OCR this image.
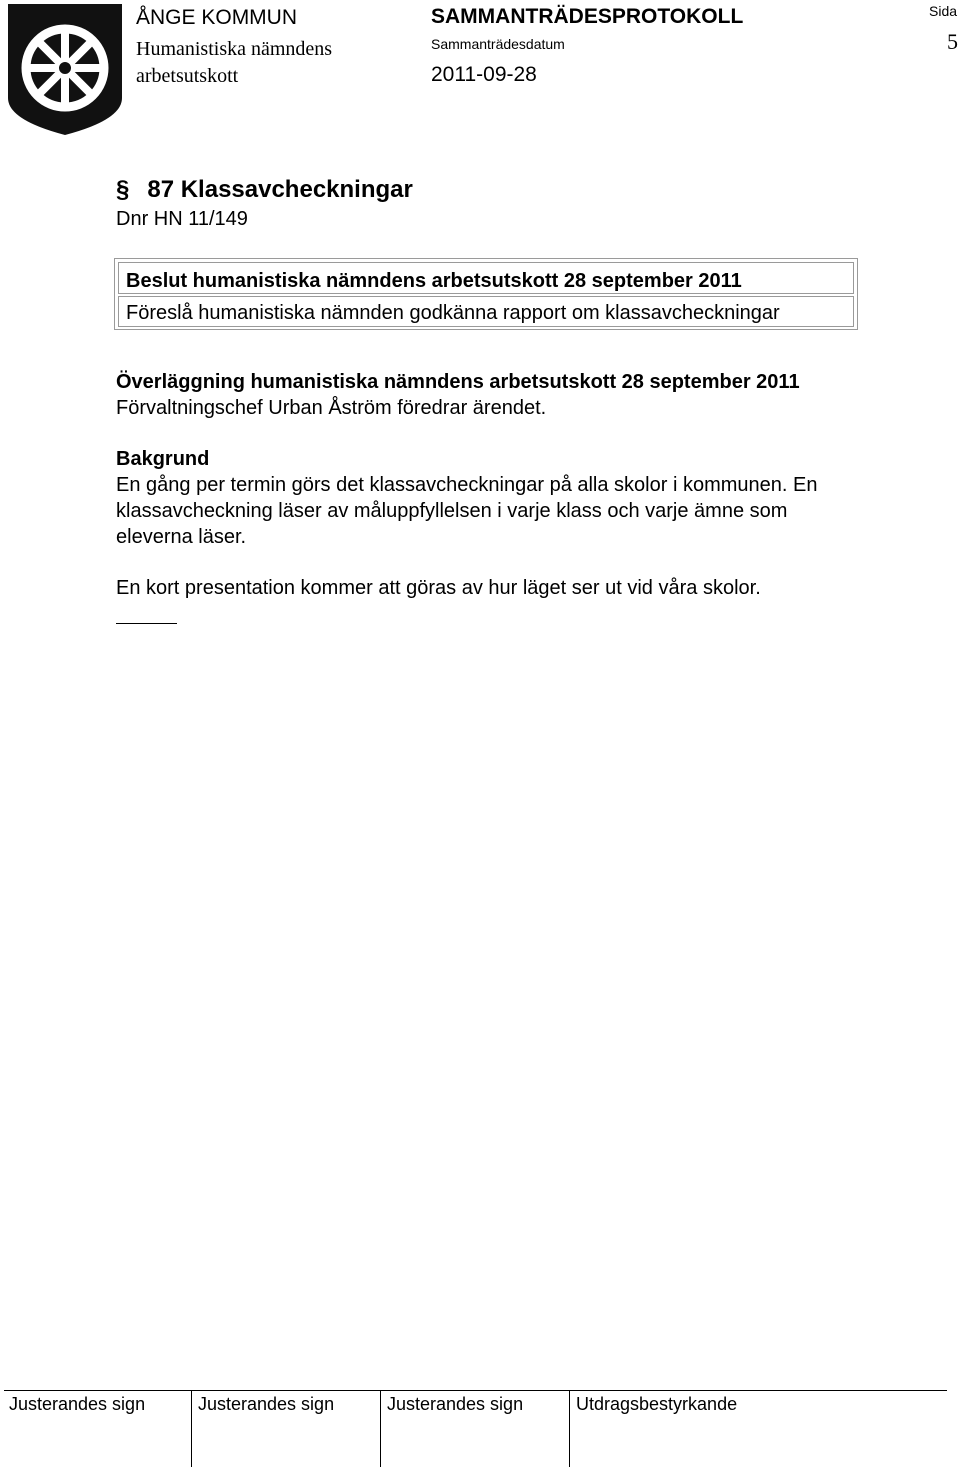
ÅNGE KOMMUN
Humanistiska nämndens
arbetsutskott
SAMMANTRÄDESPROTOKOLL
Sammanträdesdatum
2011-09-28
Sida
5
§ 87 Klassavcheckningar
Dnr HN 11/149
Beslut humanistiska nämndens arbetsutskott 28 september 2011
Föreslå humanistiska nämnden godkänna rapport om klassavcheckningar
Överläggning humanistiska nämndens arbetsutskott 28 september 2011
Förvaltningschef Urban Åström föredrar ärendet.
Bakgrund
En gång per termin görs det klassavcheckningar på alla skolor i kommunen. En
klassavcheckning läser av måluppfyllelsen i varje klass och varje ämne som
eleverna läser.
En kort presentation kommer att göras av hur läget ser ut vid våra skolor.
Justerandes sign	Justerandes sign	Justerandes sign	Utdragsbestyrkande
